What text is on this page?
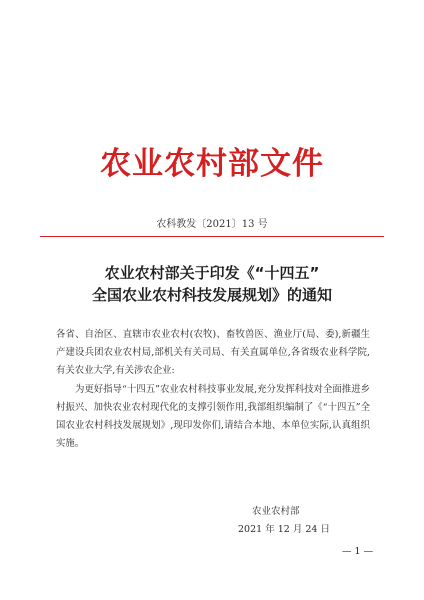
农业农村部文件
农科教发〔2021〕13 号
农业农村部关于印发《“十四五”
全国农业农村科技发展规划》的通知
各省、自治区、直辖市农业农村(农牧)、畜牧兽医、渔业厅(局、委),新疆生产建设兵团农业农村局,部机关有关司局、有关直属单位,各省级农业科学院,有关农业大学,有关涉农企业:
为更好指导“十四五”农业农村科技事业发展,充分发挥科技对全面推进乡村振兴、加快农业农村现代化的支撑引领作用,我部组织编制了《“十四五”全国农业农村科技发展规划》,现印发你们,请结合本地、本单位实际,认真组织实施。
农业农村部
2021 年 12 月 24 日
— 1 —
